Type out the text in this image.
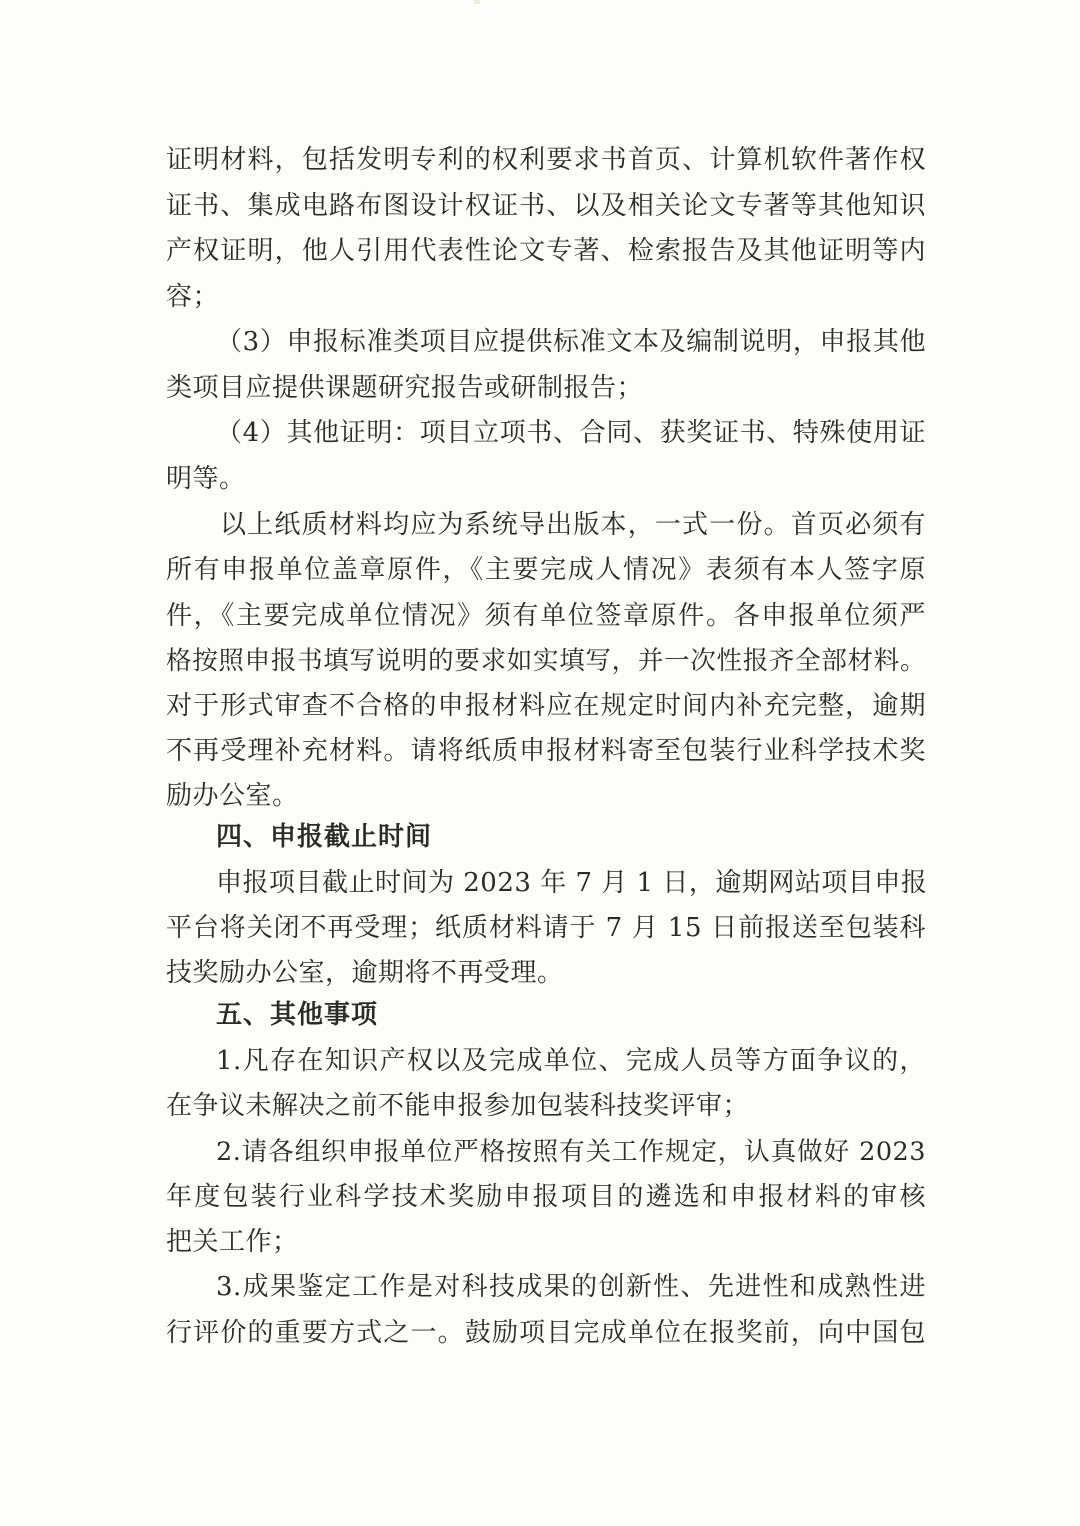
证明材料，包括发明专利的权利要求书首页、计算机软件著作权
证书、集成电路布图设计权证书、以及相关论文专著等其他知识
产权证明，他人引用代表性论文专著、检索报告及其他证明等内
容；
（3）申报标准类项目应提供标准文本及编制说明，申报其他
类项目应提供课题研究报告或研制报告；
（4）其他证明：项目立项书、合同、获奖证书、特殊使用证
明等。
以上纸质材料均应为系统导出版本，一式一份。首页必须有
所有申报单位盖章原件，《主要完成人情况》表须有本人签字原
件，《主要完成单位情况》须有单位签章原件。各申报单位须严
格按照申报书填写说明的要求如实填写，并一次性报齐全部材料。
对于形式审查不合格的申报材料应在规定时间内补充完整，逾期
不再受理补充材料。请将纸质申报材料寄至包装行业科学技术奖
励办公室。
四、申报截止时间
申报项目截止时间为 2023 年 7 月 1 日，逾期网站项目申报
平台将关闭不再受理；纸质材料请于 7 月 15 日前报送至包装科
技奖励办公室，逾期将不再受理。
五、其他事项
1.凡存在知识产权以及完成单位、完成人员等方面争议的，
在争议未解决之前不能申报参加包装科技奖评审；
2.请各组织申报单位严格按照有关工作规定，认真做好 2023
年度包装行业科学技术奖励申报项目的遴选和申报材料的审核
把关工作；
3.成果鉴定工作是对科技成果的创新性、先进性和成熟性进
行评价的重要方式之一。鼓励项目完成单位在报奖前，向中国包
